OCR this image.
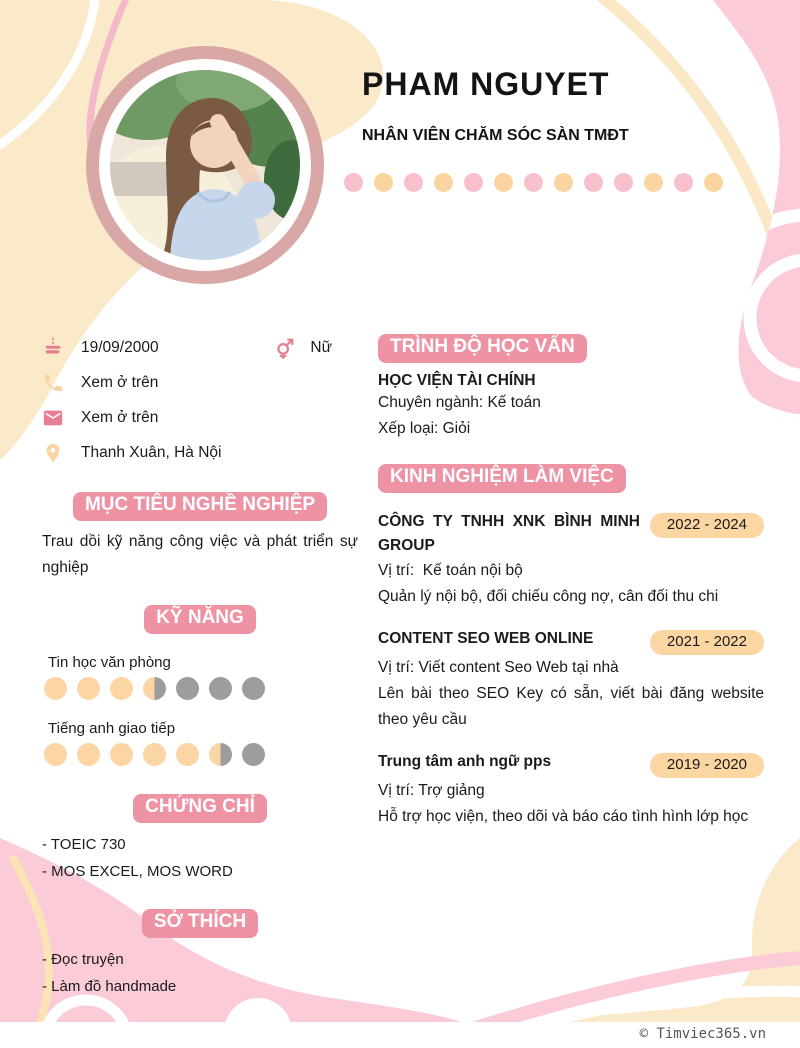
PHAM NGUYET
NHÂN VIÊN CHĂM SÓC SÀN TMĐT
19/09/2000	Nữ
Xem ở trên
Xem ở trên
Thanh Xuân, Hà Nội
MỤC TIÊU NGHỀ NGHIỆP
Trau dồi kỹ năng công việc và phát triển sự nghiệp
KỸ NĂNG
Tin học văn phòng
Tiếng anh giao tiếp
CHỨNG CHỈ
- TOEIC 730
- MOS EXCEL, MOS WORD
SỞ THÍCH
- Đọc truyện
- Làm đồ handmade
TRÌNH ĐỘ HỌC VẤN
HỌC VIỆN TÀI CHÍNH
Chuyên ngành: Kế toán
Xếp loại: Giỏi
KINH NGHIỆM LÀM VIỆC
CÔNG TY TNHH XNK BÌNH MINH GROUP
2022 - 2024
Vị trí:  Kế toán nội bộ
Quản lý nội bộ, đối chiếu công nợ, cân đối thu chi
CONTENT SEO WEB ONLINE	2021 - 2022
Vị trí: Viết content Seo Web tại nhà
Lên bài theo SEO Key có sẵn, viết bài đăng website theo yêu cầu
Trung tâm anh ngữ pps	2019 - 2020
Vị trí: Trợ giảng
Hỗ trợ học viện, theo dõi và báo cáo tình hình lớp học
© Timviec365.vn
